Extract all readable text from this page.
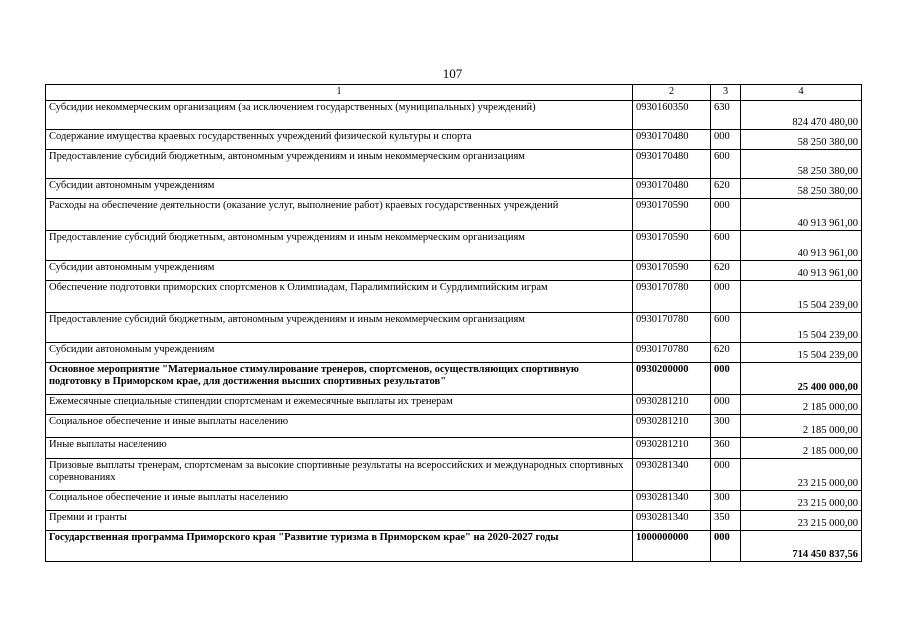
107
1	2	3	4
Субсидии некоммерческим организациям (за исключением государственных (муниципальных) учреждений)	0930160350	630	824 470 480,00
Содержание имущества краевых государственных учреждений физической культуры и спорта	0930170480	000	58 250 380,00
Предоставление субсидий бюджетным, автономным учреждениям и иным некоммерческим организациям	0930170480	600	58 250 380,00
Субсидии автономным учреждениям	0930170480	620	58 250 380,00
Расходы на обеспечение деятельности (оказание услуг, выполнение работ) краевых государственных учреждений	0930170590	000	40 913 961,00
Предоставление субсидий бюджетным, автономным учреждениям и иным некоммерческим организациям	0930170590	600	40 913 961,00
Субсидии автономным учреждениям	0930170590	620	40 913 961,00
Обеспечение подготовки приморских спортсменов к Олимпиадам, Паралимпийским и Сурдлимпийским играм	0930170780	000	15 504 239,00
Предоставление субсидий бюджетным, автономным учреждениям и иным некоммерческим организациям	0930170780	600	15 504 239,00
Субсидии автономным учреждениям	0930170780	620	15 504 239,00
Основное мероприятие "Материальное стимулирование тренеров, спортсменов, осуществляющих спортивную подготовку в Приморском крае, для достижения высших спортивных результатов"	0930200000	000	25 400 000,00
Ежемесячные специальные стипендии спортсменам и ежемесячные выплаты их тренерам	0930281210	000	2 185 000,00
Социальное обеспечение и иные выплаты населению	0930281210	300	2 185 000,00
Иные выплаты населению	0930281210	360	2 185 000,00
Призовые выплаты тренерам, спортсменам за высокие спортивные результаты на всероссийских и международных спортивных соревнованиях	0930281340	000	23 215 000,00
Социальное обеспечение и иные выплаты населению	0930281340	300	23 215 000,00
Премии и гранты	0930281340	350	23 215 000,00
Государственная программа Приморского края "Развитие туризма в Приморском крае" на 2020-2027 годы	1000000000	000	714 450 837,56
